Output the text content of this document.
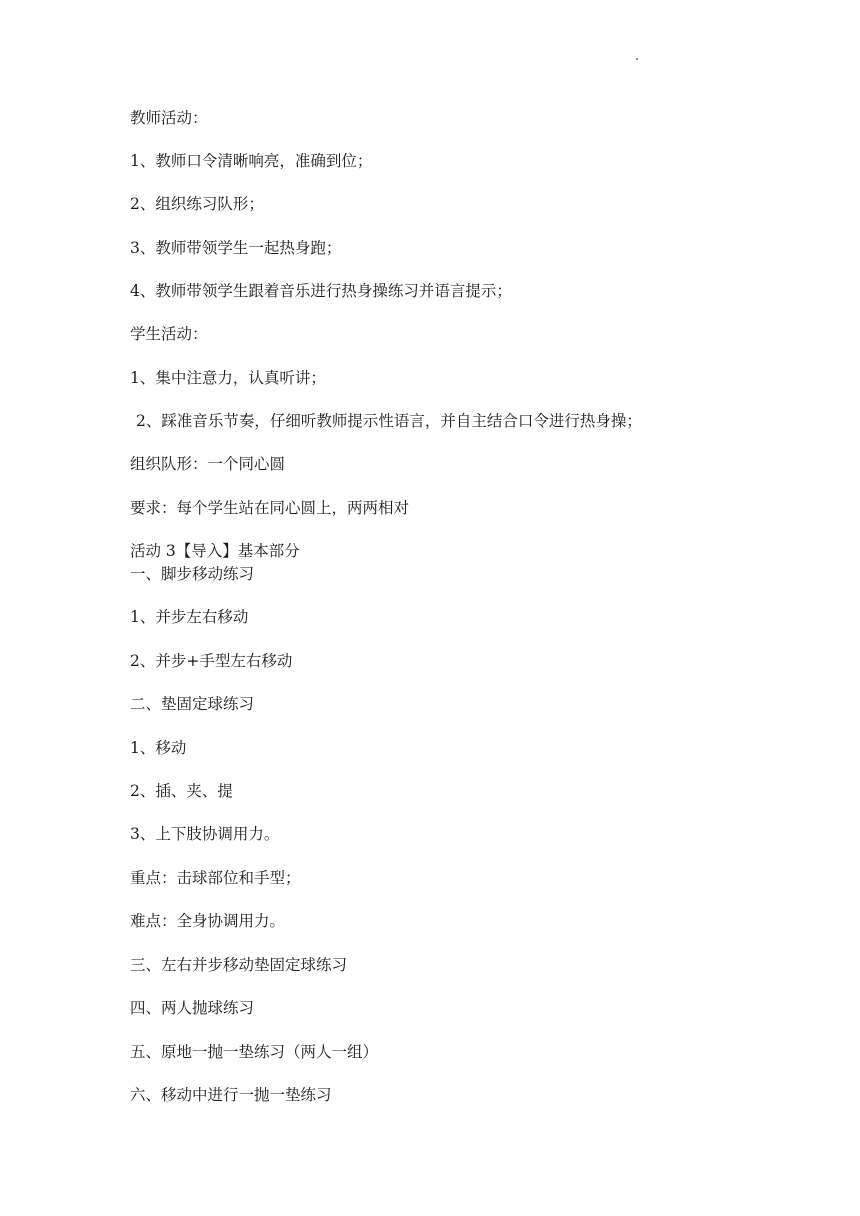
教师活动：
1、教师口令清晰响亮，准确到位；
2、组织练习队形；
3、教师带领学生一起热身跑；
4、教师带领学生跟着音乐进行热身操练习并语言提示；
学生活动：
1、集中注意力，认真听讲；
2、踩准音乐节奏，仔细听教师提示性语言，并自主结合口令进行热身操；
组织队形：一个同心圆
要求：每个学生站在同心圆上，两两相对
活动 3【导入】基本部分
一、脚步移动练习
1、并步左右移动
2、并步+手型左右移动
二、垫固定球练习
1、移动
2、插、夹、提
3、上下肢协调用力。
重点：击球部位和手型；
难点：全身协调用力。
三、左右并步移动垫固定球练习
四、两人抛球练习
五、原地一抛一垫练习（两人一组）
六、移动中进行一抛一垫练习
